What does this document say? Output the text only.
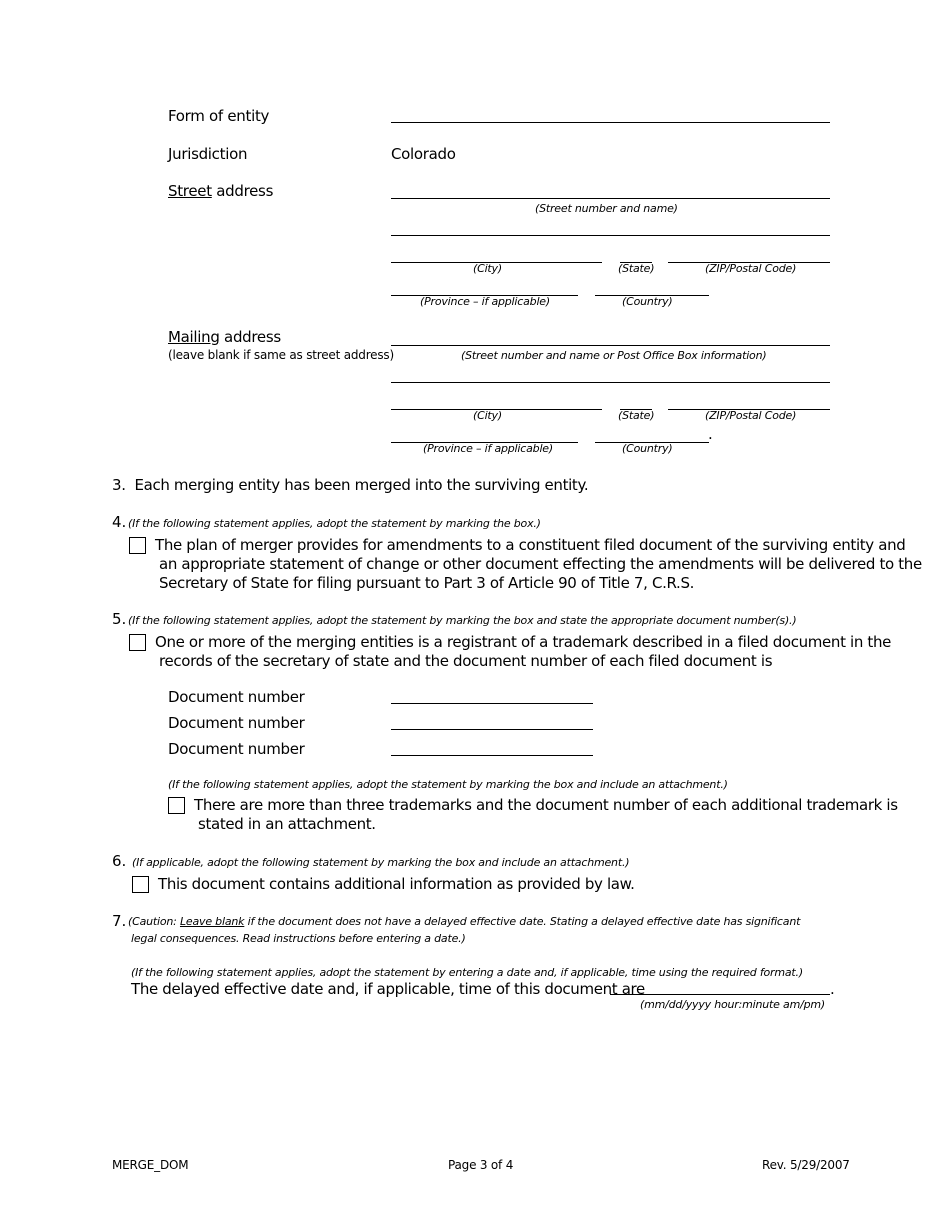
Form of entity
Jurisdiction	Colorado
Street address
(Street number and name)
(City)	(State)	(ZIP/Postal Code)
(Province – if applicable)	(Country)
Mailing address
(leave blank if same as street address)	(Street number and name or Post Office Box information)
(City)	(State)	(ZIP/Postal Code)
.
(Province – if applicable)	(Country)
3. Each merging entity has been merged into the surviving entity.
4. (If the following statement applies, adopt the statement by marking the box.)
The plan of merger provides for amendments to a constituent filed document of the surviving entity and
an appropriate statement of change or other document effecting the amendments will be delivered to the
Secretary of State for filing pursuant to Part 3 of Article 90 of Title 7, C.R.S.
5. (If the following statement applies, adopt the statement by marking the box and state the appropriate document number(s).)
One or more of the merging entities is a registrant of a trademark described in a filed document in the
records of the secretary of state and the document number of each filed document is
Document number
Document number
Document number
(If the following statement applies, adopt the statement by marking the box and include an attachment.)
There are more than three trademarks and the document number of each additional trademark is
stated in an attachment.
6. (If applicable, adopt the following statement by marking the box and include an attachment.)
This document contains additional information as provided by law.
7. (Caution: Leave blank if the document does not have a delayed effective date. Stating a delayed effective date has significant
legal consequences. Read instructions before entering a date.)
(If the following statement applies, adopt the statement by entering a date and, if applicable, time using the required format.)
The delayed effective date and, if applicable, time of this document are	.
(mm/dd/yyyy hour:minute am/pm)
MERGE_DOM	Page 3 of 4	Rev. 5/29/2007
